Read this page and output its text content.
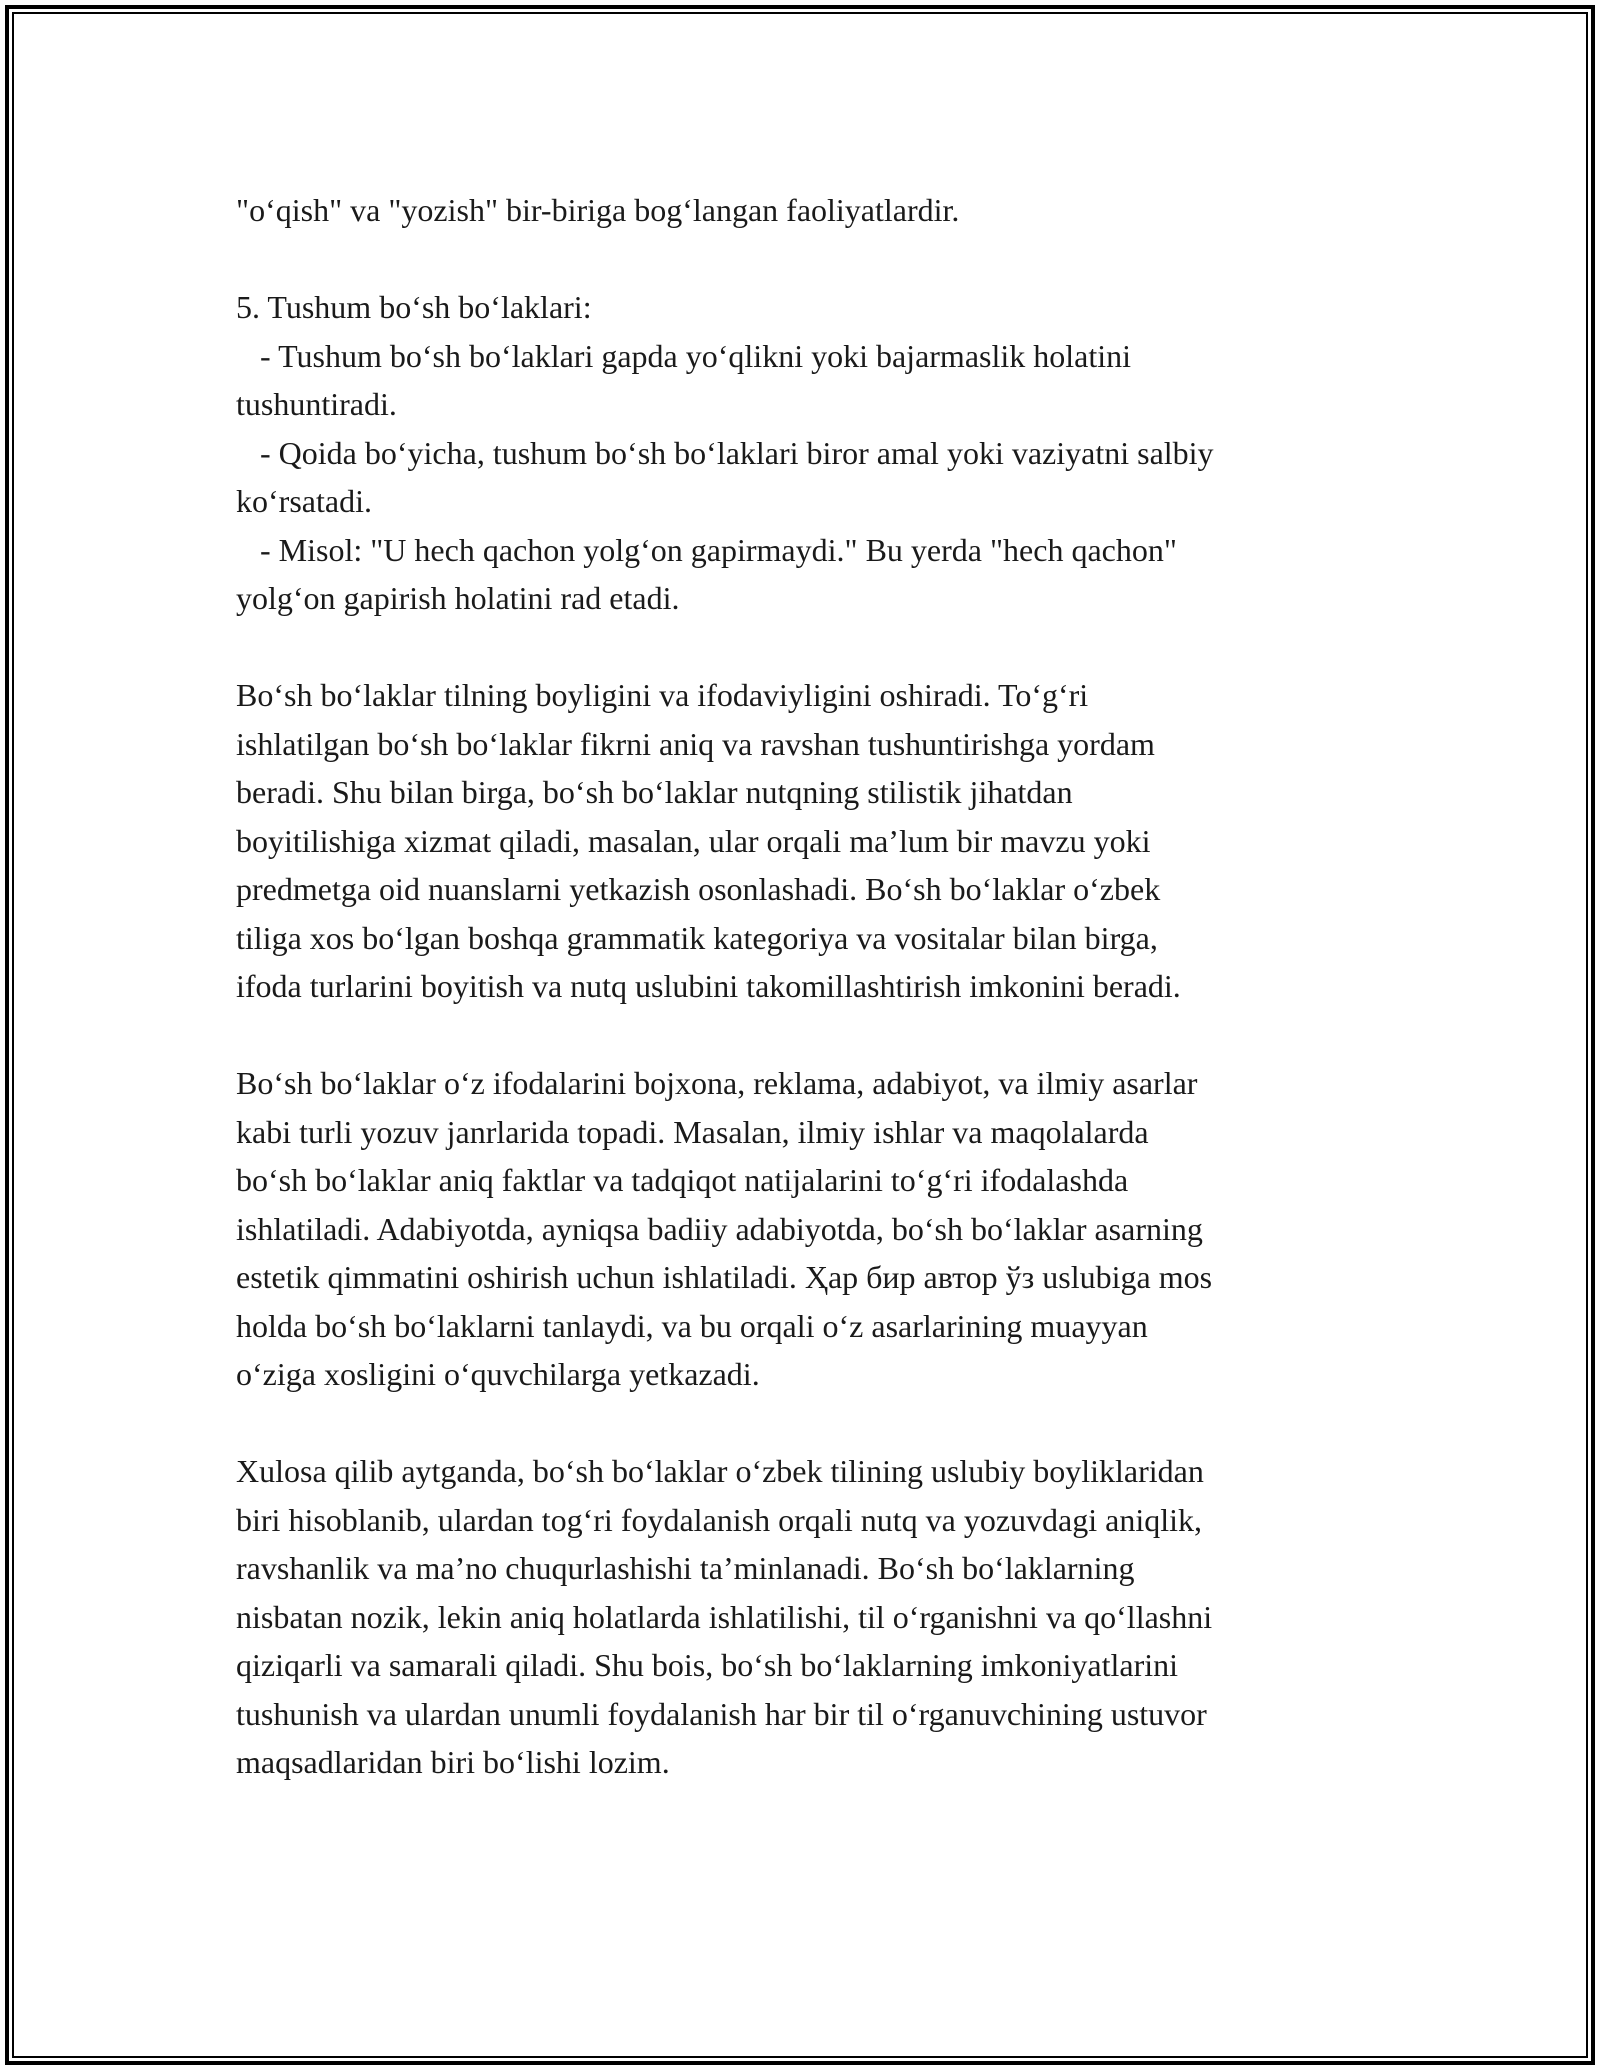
"o‘qish" va "yozish" bir-biriga bog‘langan faoliyatlardir.
5. Tushum bo‘sh bo‘laklari:
- Tushum bo‘sh bo‘laklari gapda yo‘qlikni yoki bajarmaslik holatini
tushuntiradi.
- Qoida bo‘yicha, tushum bo‘sh bo‘laklari biror amal yoki vaziyatni salbiy
ko‘rsatadi.
- Misol: "U hech qachon yolg‘on gapirmaydi." Bu yerda "hech qachon"
yolg‘on gapirish holatini rad etadi.
Bo‘sh bo‘laklar tilning boyligini va ifodaviyligini oshiradi. To‘g‘ri
ishlatilgan bo‘sh bo‘laklar fikrni aniq va ravshan tushuntirishga yordam
beradi. Shu bilan birga, bo‘sh bo‘laklar nutqning stilistik jihatdan
boyitilishiga xizmat qiladi, masalan, ular orqali ma’lum bir mavzu yoki
predmetga oid nuanslarni yetkazish osonlashadi. Bo‘sh bo‘laklar o‘zbek
tiliga xos bo‘lgan boshqa grammatik kategoriya va vositalar bilan birga,
ifoda turlarini boyitish va nutq uslubini takomillashtirish imkonini beradi.
Bo‘sh bo‘laklar o‘z ifodalarini bojxona, reklama, adabiyot, va ilmiy asarlar
kabi turli yozuv janrlarida topadi. Masalan, ilmiy ishlar va maqolalarda
bo‘sh bo‘laklar aniq faktlar va tadqiqot natijalarini to‘g‘ri ifodalashda
ishlatiladi. Adabiyotda, ayniqsa badiiy adabiyotda, bo‘sh bo‘laklar asarning
estetik qimmatini oshirish uchun ishlatiladi. Ҳар бир автор ўз uslubiga mos
holda bo‘sh bo‘laklarni tanlaydi, va bu orqali o‘z asarlarining muayyan
o‘ziga xosligini o‘quvchilarga yetkazadi.
Xulosa qilib aytganda, bo‘sh bo‘laklar o‘zbek tilining uslubiy boyliklaridan
biri hisoblanib, ulardan tog‘ri foydalanish orqali nutq va yozuvdagi aniqlik,
ravshanlik va ma’no chuqurlashishi ta’minlanadi. Bo‘sh bo‘laklarning
nisbatan nozik, lekin aniq holatlarda ishlatilishi, til o‘rganishni va qo‘llashni
qiziqarli va samarali qiladi. Shu bois, bo‘sh bo‘laklarning imkoniyatlarini
tushunish va ulardan unumli foydalanish har bir til o‘rganuvchining ustuvor
maqsadlaridan biri bo‘lishi lozim.
